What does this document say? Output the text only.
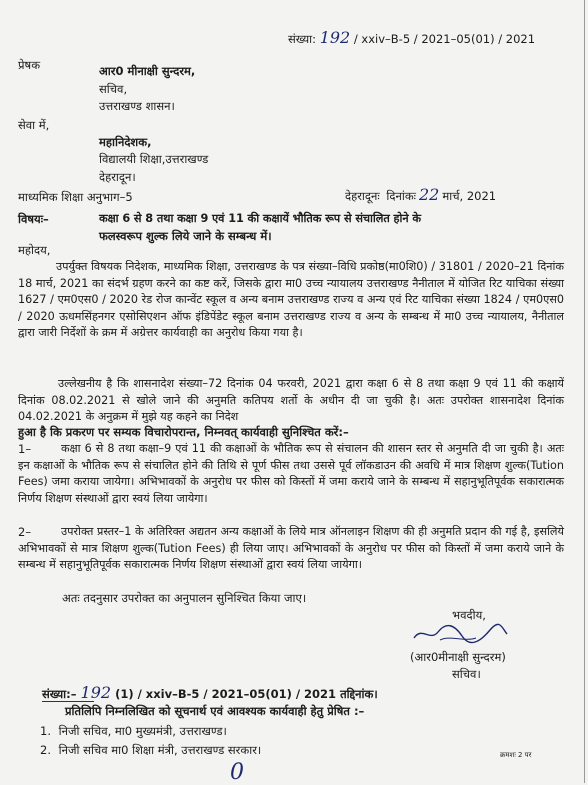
संख्या: 192 / xxiv–B-5 / 2021–05(01) / 2021
प्रेषक	आर0 मीनाक्षी सुन्दरम,
सचिव,
उत्तराखण्ड शासन।
सेवा में,
महानिदेशक,
विद्यालयी शिक्षा,उत्तराखण्ड
देहरादून।
माध्यमिक शिक्षा अनुभाग–5	देहरादूनः दिनांकः 22 मार्च, 2021
विषयः–	कक्षा 6 से 8 तथा कक्षा 9 एवं 11 की कक्षायें भौतिक रूप से संचालित होने के
फलस्वरूप शुल्क लिये जाने के सम्बन्ध में।
महोदय,
उपर्युक्त विषयक निदेशक, माध्यमिक शिक्षा, उत्तराखण्ड के पत्र संख्या–विधि प्रकोष्ठ(मा0शि0) / 31801 / 2020–21 दिनांक 18 मार्च, 2021 का संदर्भ ग्रहण करने का कष्ट करें, जिसके द्वारा मा0 उच्च न्यायालय उत्तराखण्ड नैनीताल में योजित रिट याचिका संख्या 1627 / एम0एस0 / 2020 रेड रोज कान्वेंट स्कूल व अन्य बनाम उत्तराखण्ड राज्य व अन्य एवं रिट याचिका संख्या 1824 / एम0एस0 / 2020 ऊधमसिंहनगर एसोसिएशन ऑफ इंडिपेंडेट स्कूल बनाम उत्तराखण्ड राज्य व अन्य के सम्बन्ध में मा0 उच्च न्यायालय, नैनीताल द्वारा जारी निर्देशों के क्रम में अग्रेत्तर कार्यवाही का अनुरोध किया गया है।
उल्लेखनीय है कि शासनादेश संख्या–72 दिनांक 04 फरवरी, 2021 द्वारा कक्षा 6 से 8 तथा कक्षा 9 एवं 11 की कक्षायें दिनांक 08.02.2021 से खोले जाने की अनुमति कतिपय शर्तो के अधीन दी जा चुकी है। अतः उपरोक्त शासनादेश दिनांक 04.02.2021 के अनुक्रम में मुझे यह कहने का निदेश
हुआ है कि प्रकरण पर सम्यक विचारोपरान्त, निम्नवत् कार्यवाही सुनिश्चित करें:–
1–	कक्षा 6 से 8 तथा कक्षा–9 एवं 11 की कक्षाओं के भौतिक रूप से संचालन की शासन स्तर से अनुमति दी जा चुकी है। अतः इन कक्षाओं के भौतिक रूप से संचालित होने की तिथि से पूर्ण फीस तथा उससे पूर्व लॉकडाउन की अवधि में मात्र शिक्षण शुल्क(Tution Fees) जमा कराया जायेगा। अभिभावकों के अनुरोध पर फीस को किस्तों में जमा कराये जाने के सम्बन्ध में सहानुभूतिपूर्वक सकारात्मक निर्णय शिक्षण संस्थाओं द्वारा स्वयं लिया जायेगा।
2–	उपरोक्त प्रस्तर–1 के अतिरिक्त अद्यतन अन्य कक्षाओं के लिये मात्र ऑनलाइन शिक्षण की ही अनुमति प्रदान की गई है, इसलिये अभिभावकों से मात्र शिक्षण शुल्क(Tution Fees) ही लिया जाए। अभिभावकों के अनुरोध पर फीस को किस्तों में जमा कराये जाने के सम्बन्ध में सहानुभूतिपूर्वक सकारात्मक निर्णय शिक्षण संस्थाओं द्वारा स्वयं लिया जायेगा।
अतः तदनुसार उपरोक्त का अनुपालन सुनिश्चित किया जाए।
भवदीय,
(आर0मीनाक्षी सुन्दरम)
सचिव।
संख्या:– 192 (1) / xxiv–B-5 / 2021–05(01) / 2021 तद्दिनांक।
प्रतिलिपि निम्नलिखित को सूचनार्थ एवं आवश्यक कार्यवाही हेतु प्रेषित :–
1. निजी सचिव, मा0 मुख्यमंत्री, उत्तराखण्ड।
2. निजी सचिव मा0 शिक्षा मंत्री, उत्तराखण्ड सरकार।	क्रमशः 2 पर
0
